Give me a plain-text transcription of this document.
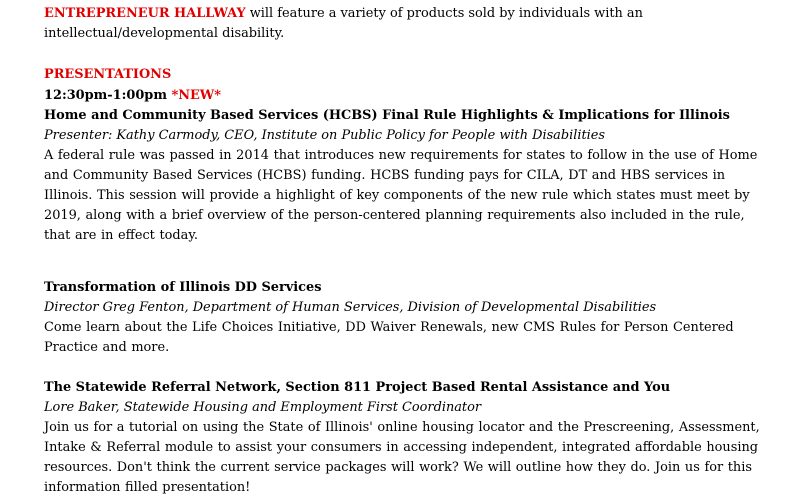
ENTREPRENEUR HALLWAY will feature a variety of products sold by individuals with an intellectual/developmental disability.

PRESENTATIONS

12:30pm-1:00pm *NEW*

Home and Community Based Services (HCBS) Final Rule Highlights & Implications for Illinois

Presenter: Kathy Carmody, CEO, Institute on Public Policy for People with Disabilities

A federal rule was passed in 2014 that introduces new requirements for states to follow in the use of Home and Community Based Services (HCBS) funding. HCBS funding pays for CILA, DT and HBS services in Illinois. This session will provide a highlight of key components of the new rule which states must meet by 2019, along with a brief overview of the person-centered planning requirements also included in the rule, that are in effect today.

Transformation of Illinois DD Services

Director Greg Fenton, Department of Human Services, Division of Developmental Disabilities

Come learn about the Life Choices Initiative, DD Waiver Renewals, new CMS Rules for Person Centered Practice and more.

The Statewide Referral Network, Section 811 Project Based Rental Assistance and You

Lore Baker, Statewide Housing and Employment First Coordinator

Join us for a tutorial on using the State of Illinois' online housing locator and the Prescreening, Assessment, Intake & Referral module to assist your consumers in accessing independent, integrated affordable housing resources. Don't think the current service packages will work? We will outline how they do. Join us for this information filled presentation!
